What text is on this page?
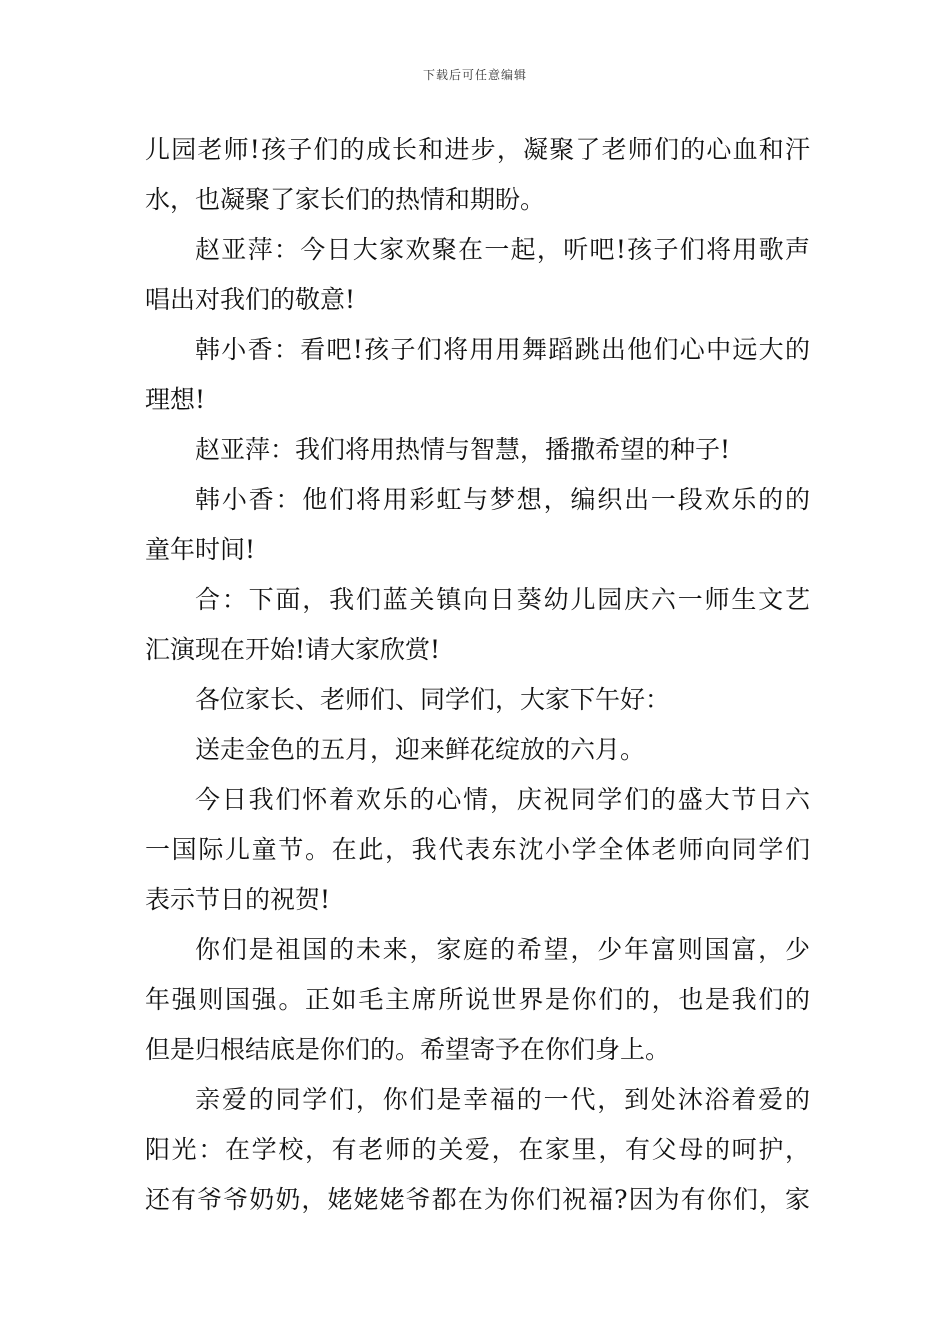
下载后可任意编辑
儿园老师!孩子们的成长和进步，凝聚了老师们的心血和汗
水，也凝聚了家长们的热情和期盼。
赵亚萍：今日大家欢聚在一起，听吧!孩子们将用歌声
唱出对我们的敬意!
韩小香：看吧!孩子们将用用舞蹈跳出他们心中远大的
理想!
赵亚萍：我们将用热情与智慧，播撒希望的种子!
韩小香：他们将用彩虹与梦想，编织出一段欢乐的的
童年时间!
合：下面，我们蓝关镇向日葵幼儿园庆六一师生文艺
汇演现在开始!请大家欣赏!
各位家长、老师们、同学们，大家下午好：
送走金色的五月，迎来鲜花绽放的六月。
今日我们怀着欢乐的心情，庆祝同学们的盛大节日六
一国际儿童节。在此，我代表东沈小学全体老师向同学们
表示节日的祝贺!
你们是祖国的未来，家庭的希望，少年富则国富，少
年强则国强。正如毛主席所说世界是你们的，也是我们的
但是归根结底是你们的。希望寄予在你们身上。
亲爱的同学们，你们是幸福的一代，到处沐浴着爱的
阳光：在学校，有老师的关爱，在家里，有父母的呵护，
还有爷爷奶奶，姥姥姥爷都在为你们祝福?因为有你们，家
